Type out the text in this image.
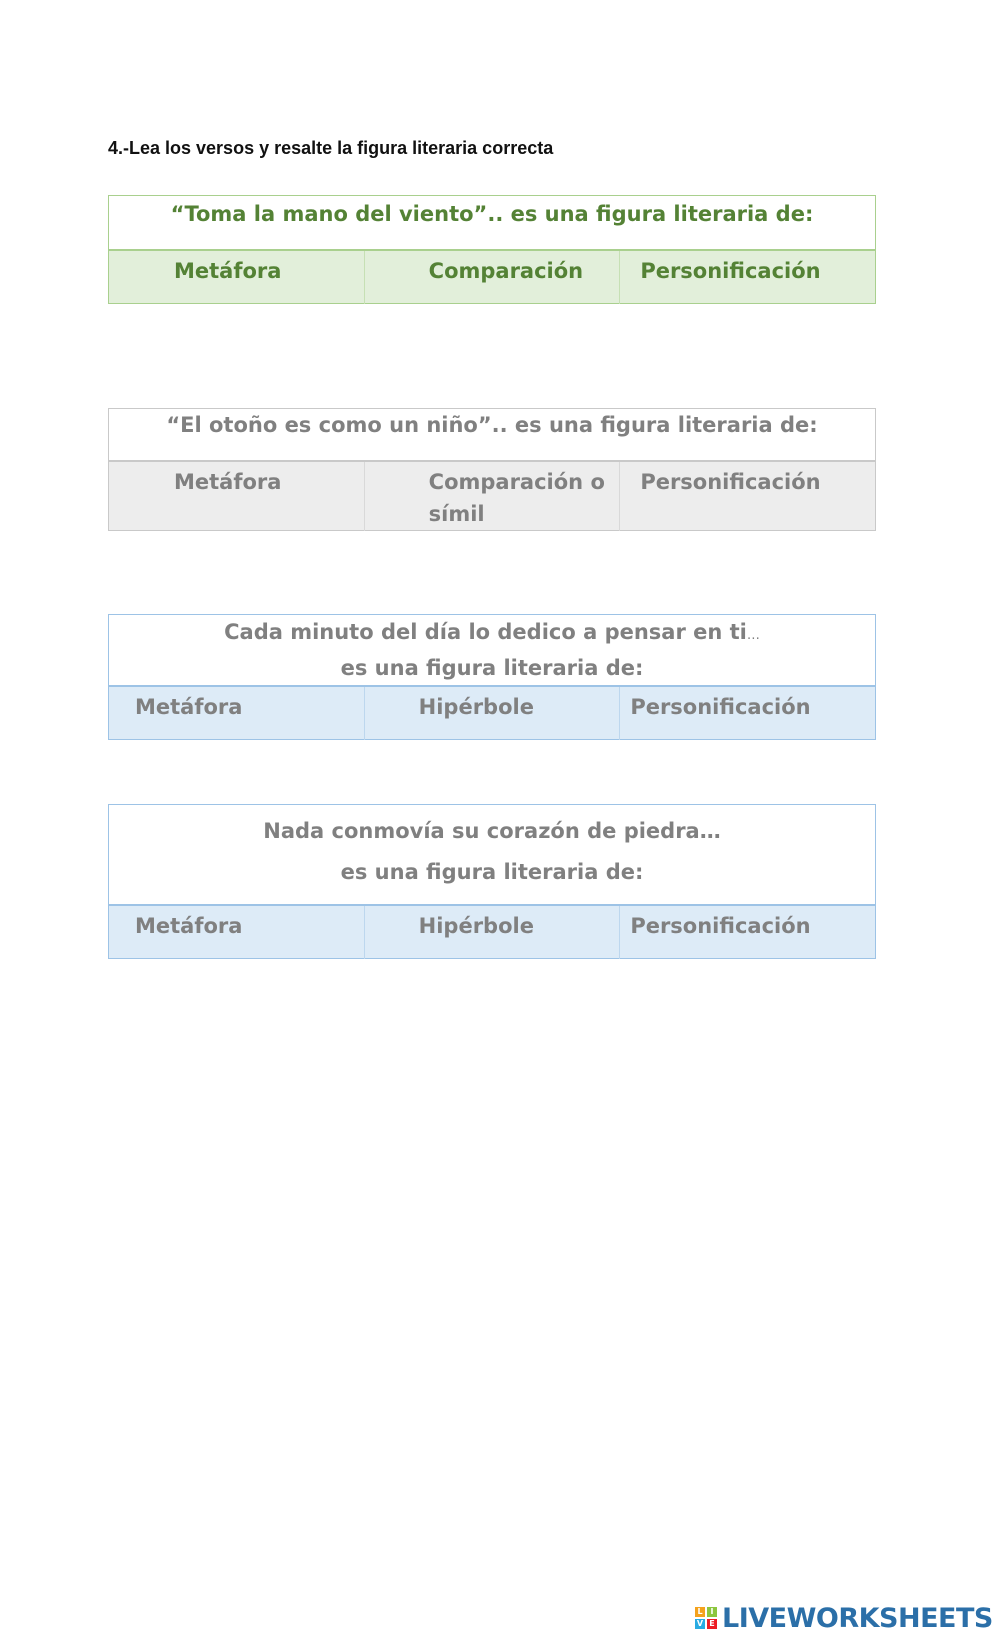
4.-Lea los versos y resalte la figura literaria correcta
“Toma la mano del viento”.. es una figura literaria de:
Metáfora	Comparación	Personificación
“El otoño es como un niño”.. es una figura literaria de:
Metáfora	Comparación o símil	Personificación
Cada minuto del día lo dedico a pensar en ti…
es una figura literaria de:

Metáfora	Hipérbole	Personificación
Nada conmovía su corazón de piedra…
es una figura literaria de:

Metáfora	Hipérbole	Personificación
L I
V E LIVEWORKSHEETS
